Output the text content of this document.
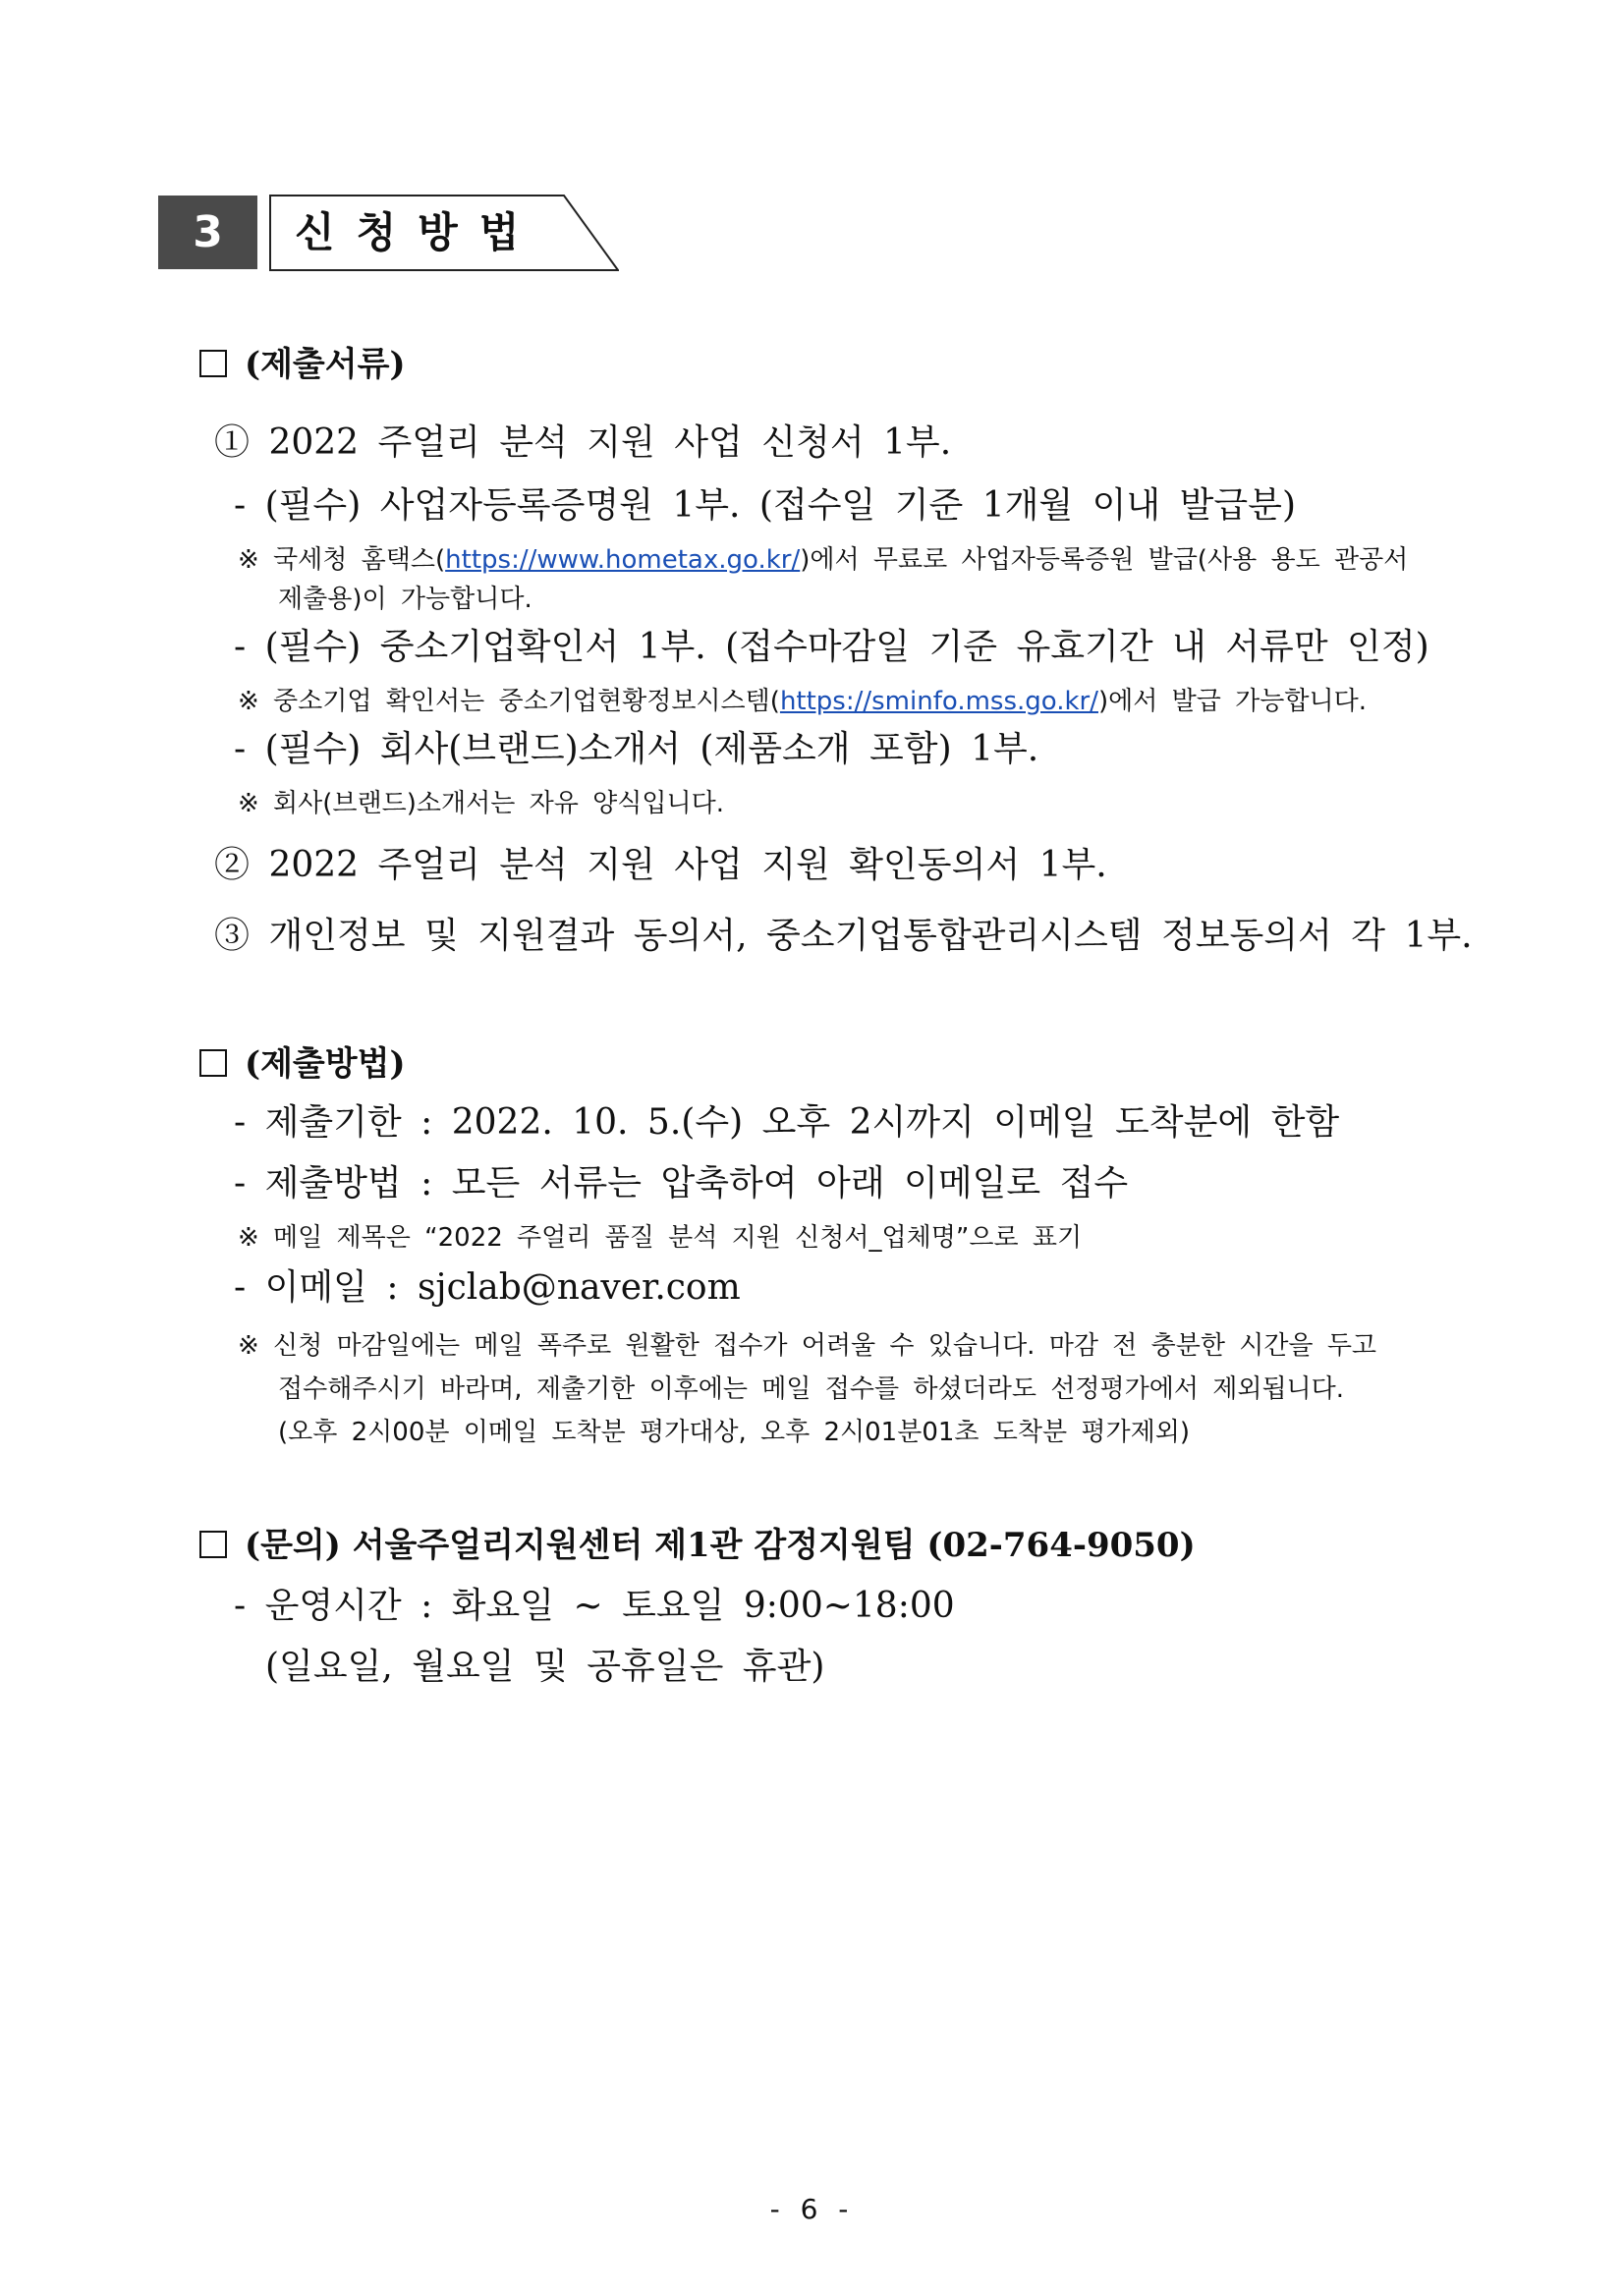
3	신청방법
(제출서류)
① 2022 주얼리 분석 지원 사업 신청서 1부.
- (필수) 사업자등록증명원 1부. (접수일 기준 1개월 이내 발급분)
※ 국세청 홈택스(https://www.hometax.go.kr/)에서 무료로 사업자등록증원 발급(사용 용도 관공서
제출용)이 가능합니다.
- (필수) 중소기업확인서 1부. (접수마감일 기준 유효기간 내 서류만 인정)
※ 중소기업 확인서는 중소기업현황정보시스템(https://sminfo.mss.go.kr/)에서 발급 가능합니다.
- (필수) 회사(브랜드)소개서 (제품소개 포함) 1부.
※ 회사(브랜드)소개서는 자유 양식입니다.
② 2022 주얼리 분석 지원 사업 지원 확인동의서 1부.
③ 개인정보 및 지원결과 동의서, 중소기업통합관리시스템 정보동의서 각 1부.
(제출방법)
- 제출기한 : 2022. 10. 5.(수) 오후 2시까지 이메일 도착분에 한함
- 제출방법 : 모든 서류는 압축하여 아래 이메일로 접수
※ 메일 제목은 “2022 주얼리 품질 분석 지원 신청서_업체명”으로 표기
- 이메일 : sjclab@naver.com
※ 신청 마감일에는 메일 폭주로 원활한 접수가 어려울 수 있습니다. 마감 전 충분한 시간을 두고
접수해주시기 바라며, 제출기한 이후에는 메일 접수를 하셨더라도 선정평가에서 제외됩니다.
(오후 2시00분 이메일 도착분 평가대상, 오후 2시01분01초 도착분 평가제외)
(문의) 서울주얼리지원센터 제1관 감정지원팀 (02-764-9050)
- 운영시간 : 화요일 ~ 토요일 9:00~18:00
(일요일, 월요일 및 공휴일은 휴관)
- 6 -
